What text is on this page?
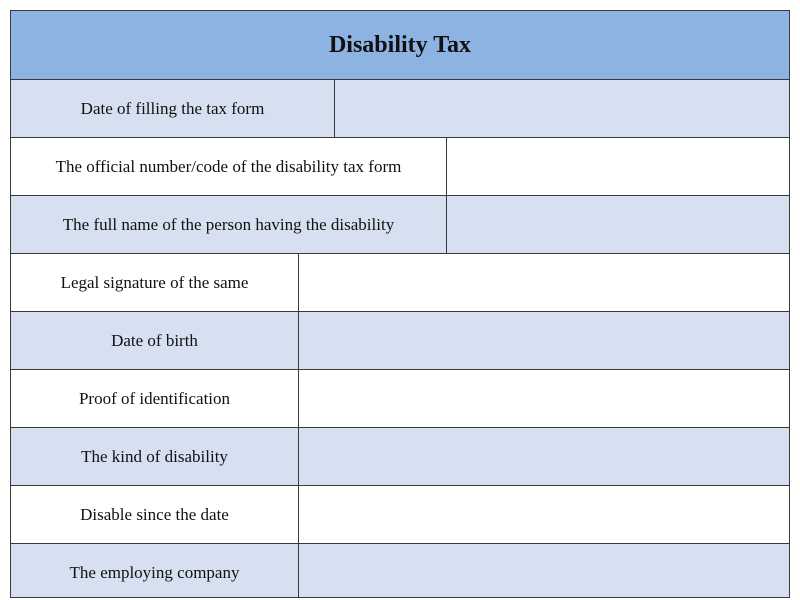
Disability Tax
Date of filling the tax form
The official number/code of the disability tax form
The full name of the person having the disability
Legal signature of the same
Date of birth
Proof of identification
The kind of disability
Disable since the date
The employing company
